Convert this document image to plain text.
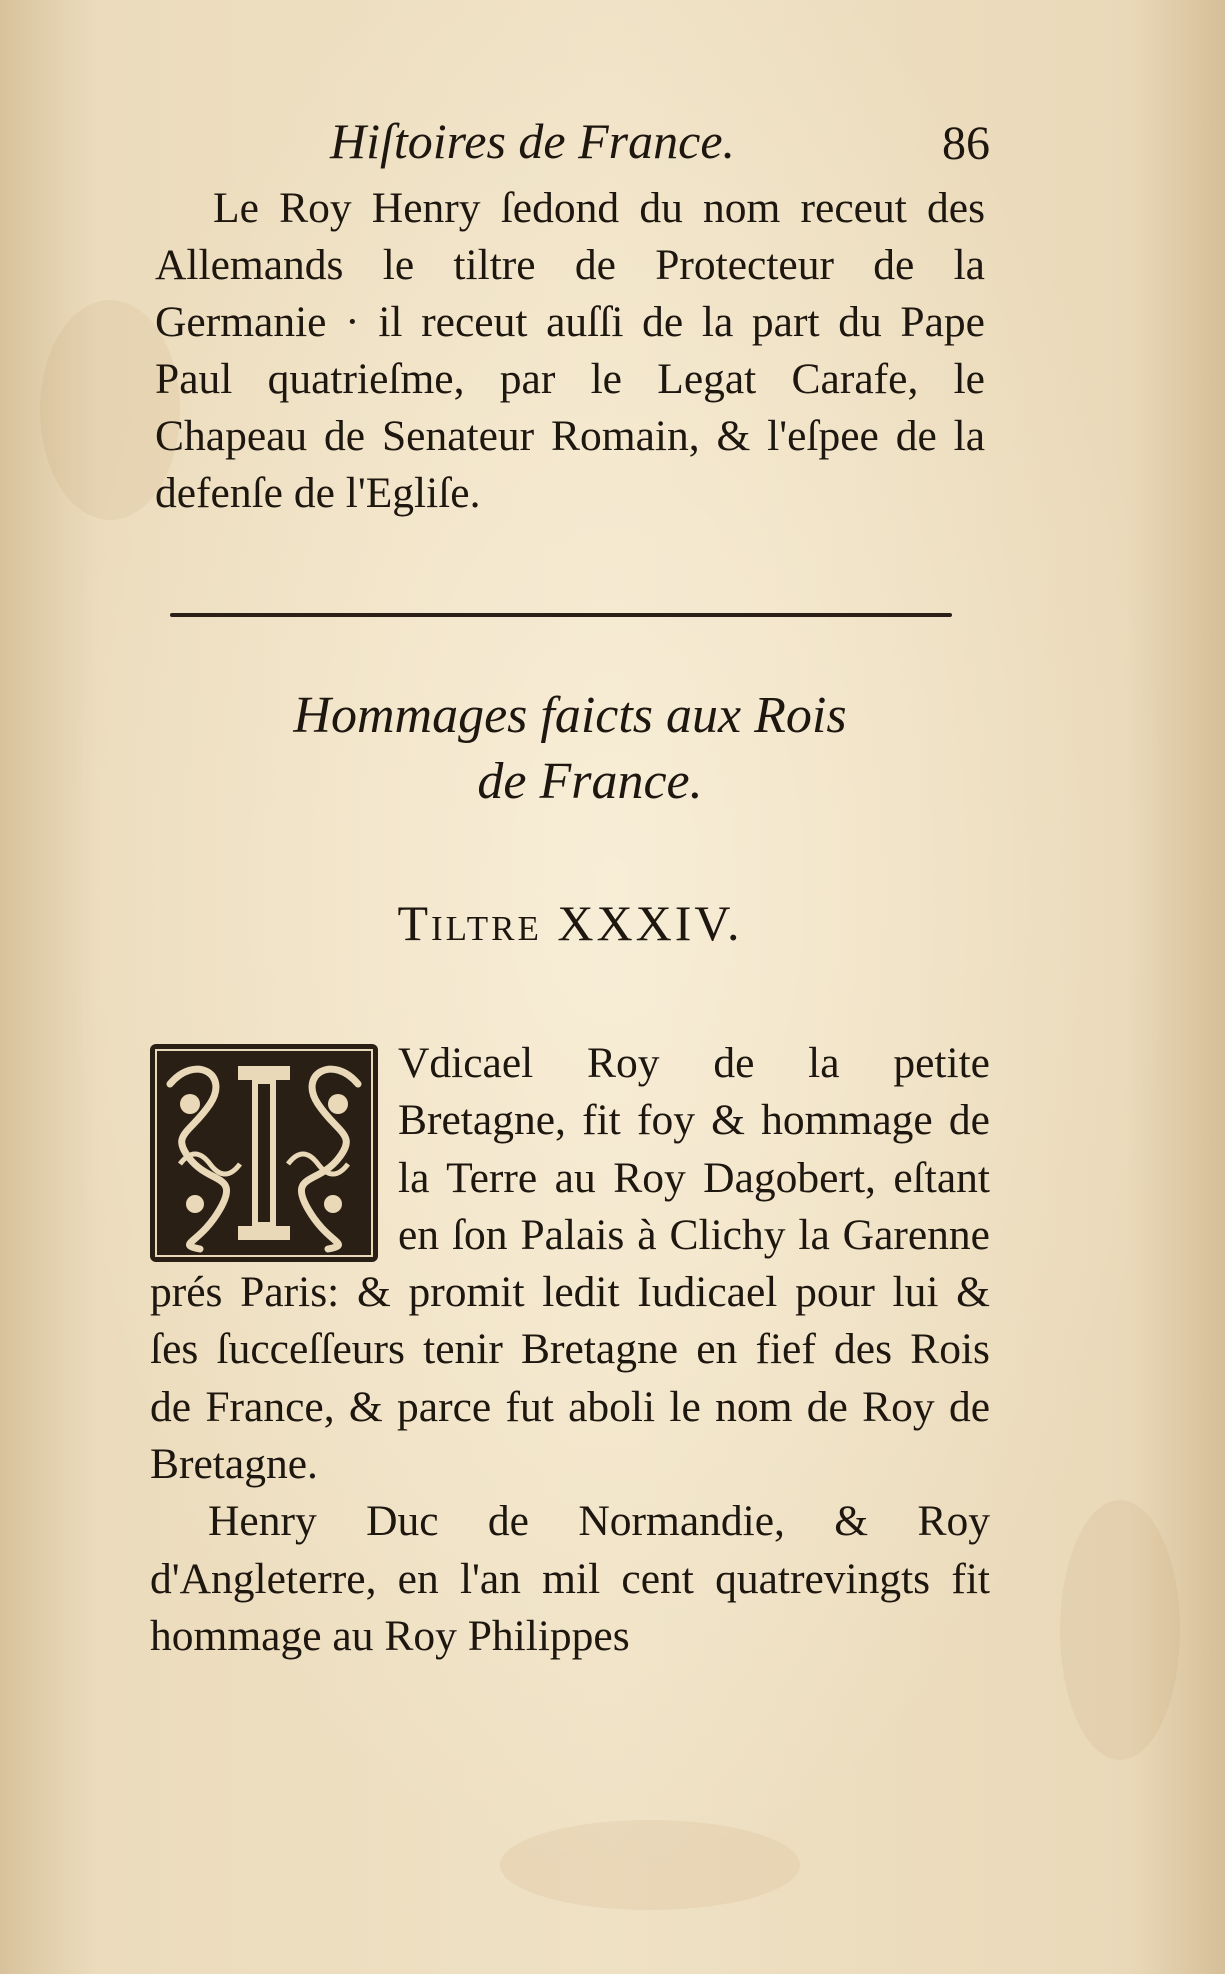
Hiſtoires de France.	86

Le Roy Henry ſedond du nom receut des Allemands le tiltre de Protecteur de la Germanie · il receut auſſi de la part du Pape Paul quatrieſme, par le Legat Carafe, le Chapeau de Senateur Romain, & l'eſpee de la defenſe de l'Egliſe.

Hommages faicts aux Rois
de France.
Tiltre XXXIV.

Vdicael Roy de la petite Bretagne, fit foy & hommage de la Terre au Roy Dagobert, eſtant en ſon Palais à Clichy la Garenne prés Paris: & promit ledit Iudicael pour lui & ſes ſucceſſeurs tenir Bretagne en fief des Rois de France, & parce fut aboli le nom de Roy de Bretagne.

Henry Duc de Normandie, & Roy d'Angleterre, en l'an mil cent quatrevingts fit hommage au Roy Philippes
